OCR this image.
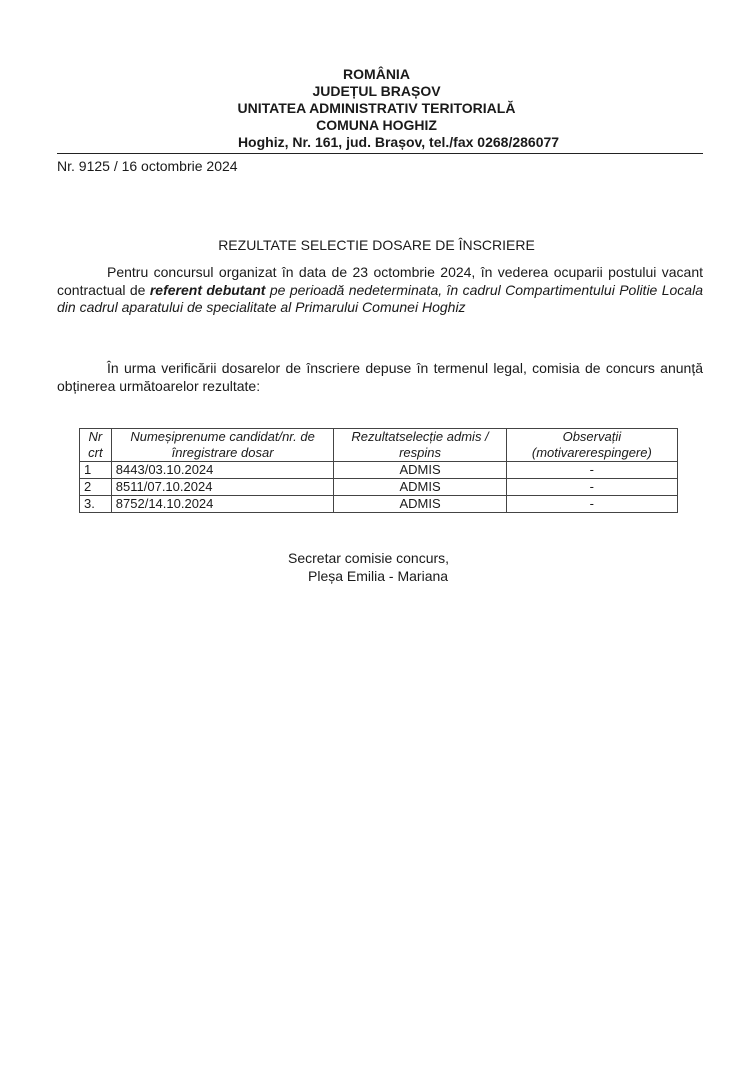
ROMÂNIA
JUDEȚUL BRAȘOV
UNITATEA ADMINISTRATIV TERITORIALĂ
COMUNA HOGHIZ
Hoghiz, Nr. 161, jud. Brașov, tel./fax 0268/286077
Nr. 9125 / 16 octombrie 2024
REZULTATE SELECTIE DOSARE DE ÎNSCRIERE
Pentru concursul organizat în data de 23 octombrie 2024, în vederea ocuparii postului vacant contractual de referent debutant pe perioadă nedeterminata, în cadrul Compartimentului Politie Locala din cadrul aparatului de specialitate al Primarului Comunei Hoghiz
În urma verificării dosarelor de înscriere depuse în termenul legal, comisia de concurs anunță obținerea următoarelor rezultate:
Nr crt	Numeșiprenume candidat/nr. de înregistrare dosar	Rezultatselecție admis / respins	Observații (motivarerespingere)
1	8443/03.10.2024	ADMIS	-
2	8511/07.10.2024	ADMIS	-
3.	8752/14.10.2024	ADMIS	-
Secretar comisie concurs,
Pleșa Emilia - Mariana
